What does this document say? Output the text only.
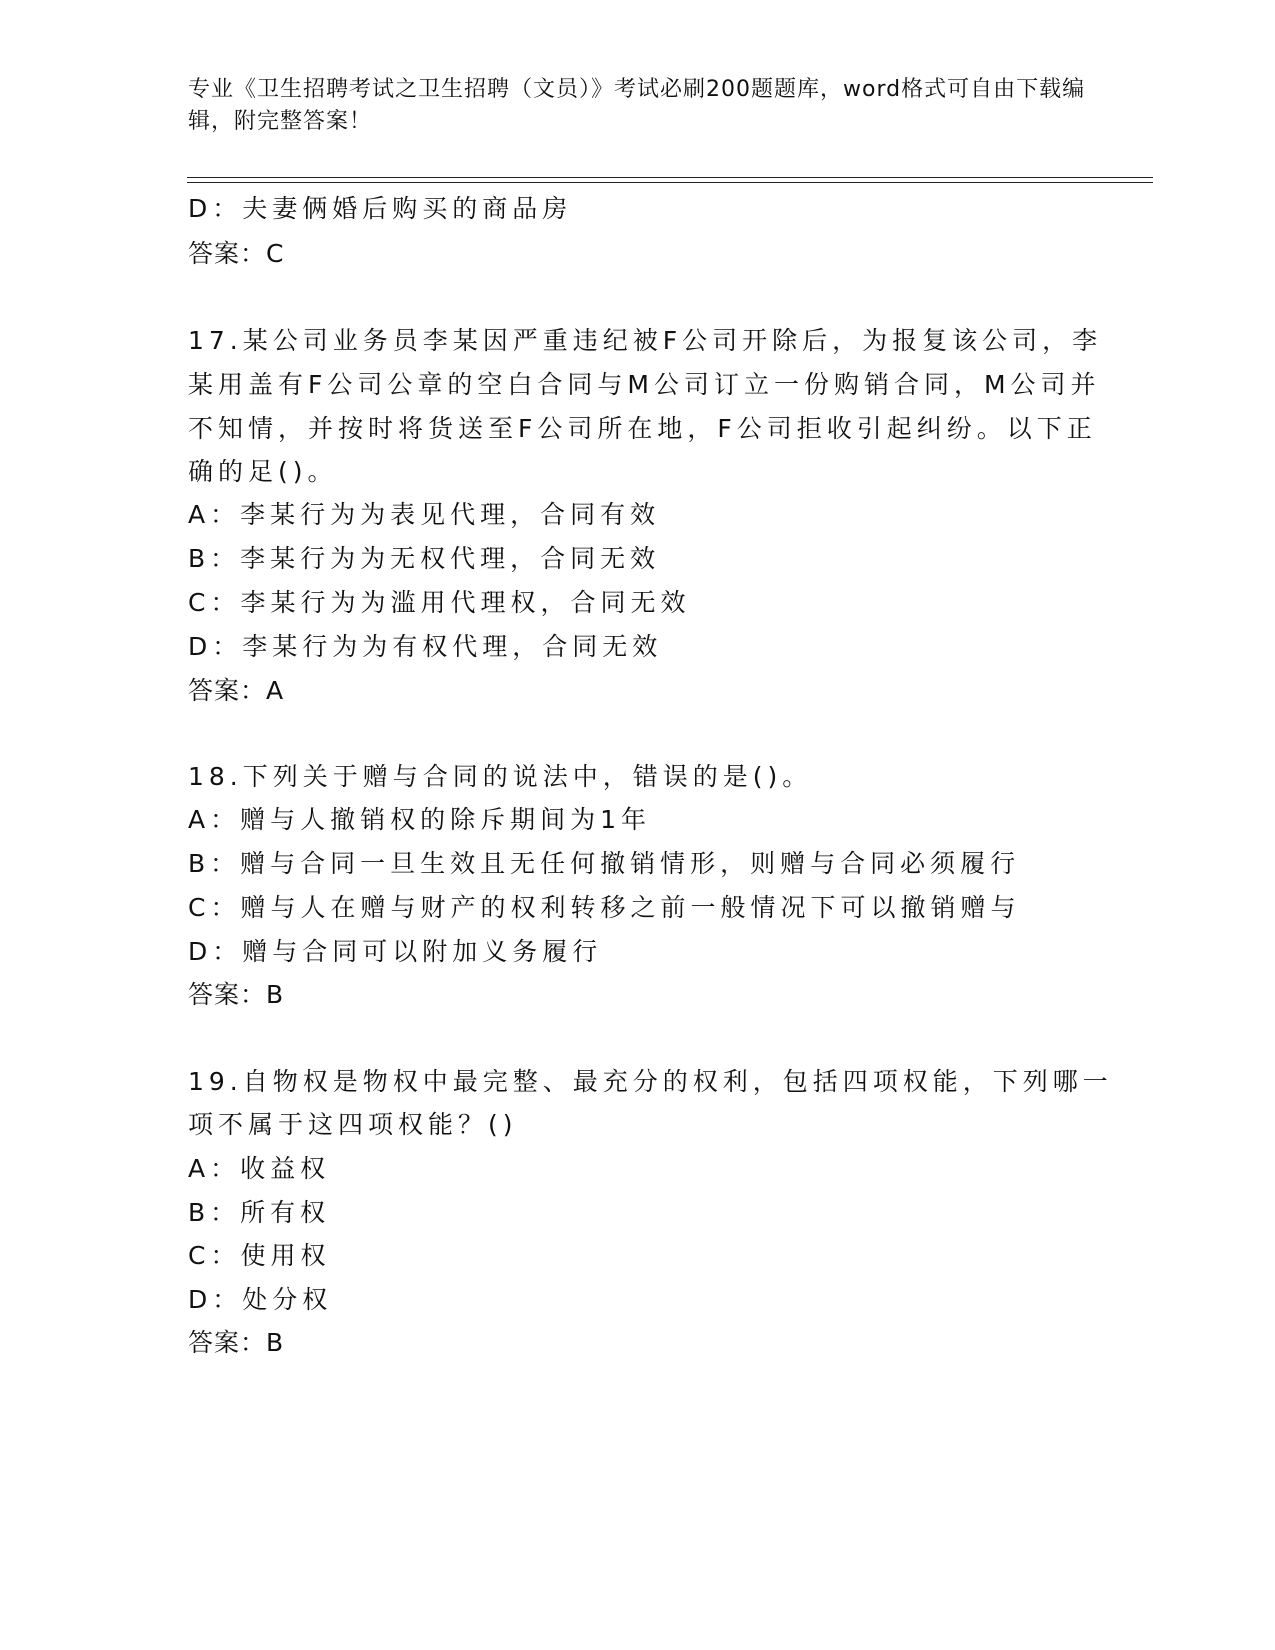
专业《卫生招聘考试之卫生招聘（文员）》考试必刷200题题库，word格式可自由下载编辑，附完整答案！
D：夫妻俩婚后购买的商品房
答案：C
17.某公司业务员李某因严重违纪被F公司开除后，为报复该公司，李
某用盖有F公司公章的空白合同与M公司订立一份购销合同，M公司并
不知情，并按时将货送至F公司所在地，F公司拒收引起纠纷。以下正
确的足()。
A：李某行为为表见代理，合同有效
B：李某行为为无权代理，合同无效
C：李某行为为滥用代理权，合同无效
D：李某行为为有权代理，合同无效
答案：A
18.下列关于赠与合同的说法中，错误的是()。
A：赠与人撤销权的除斥期间为1年
B：赠与合同一旦生效且无任何撤销情形，则赠与合同必须履行
C：赠与人在赠与财产的权利转移之前一般情况下可以撤销赠与
D：赠与合同可以附加义务履行
答案：B
19.自物权是物权中最完整、最充分的权利，包括四项权能，下列哪一
项不属于这四项权能？()
A：收益权
B：所有权
C：使用权
D：处分权
答案：B
